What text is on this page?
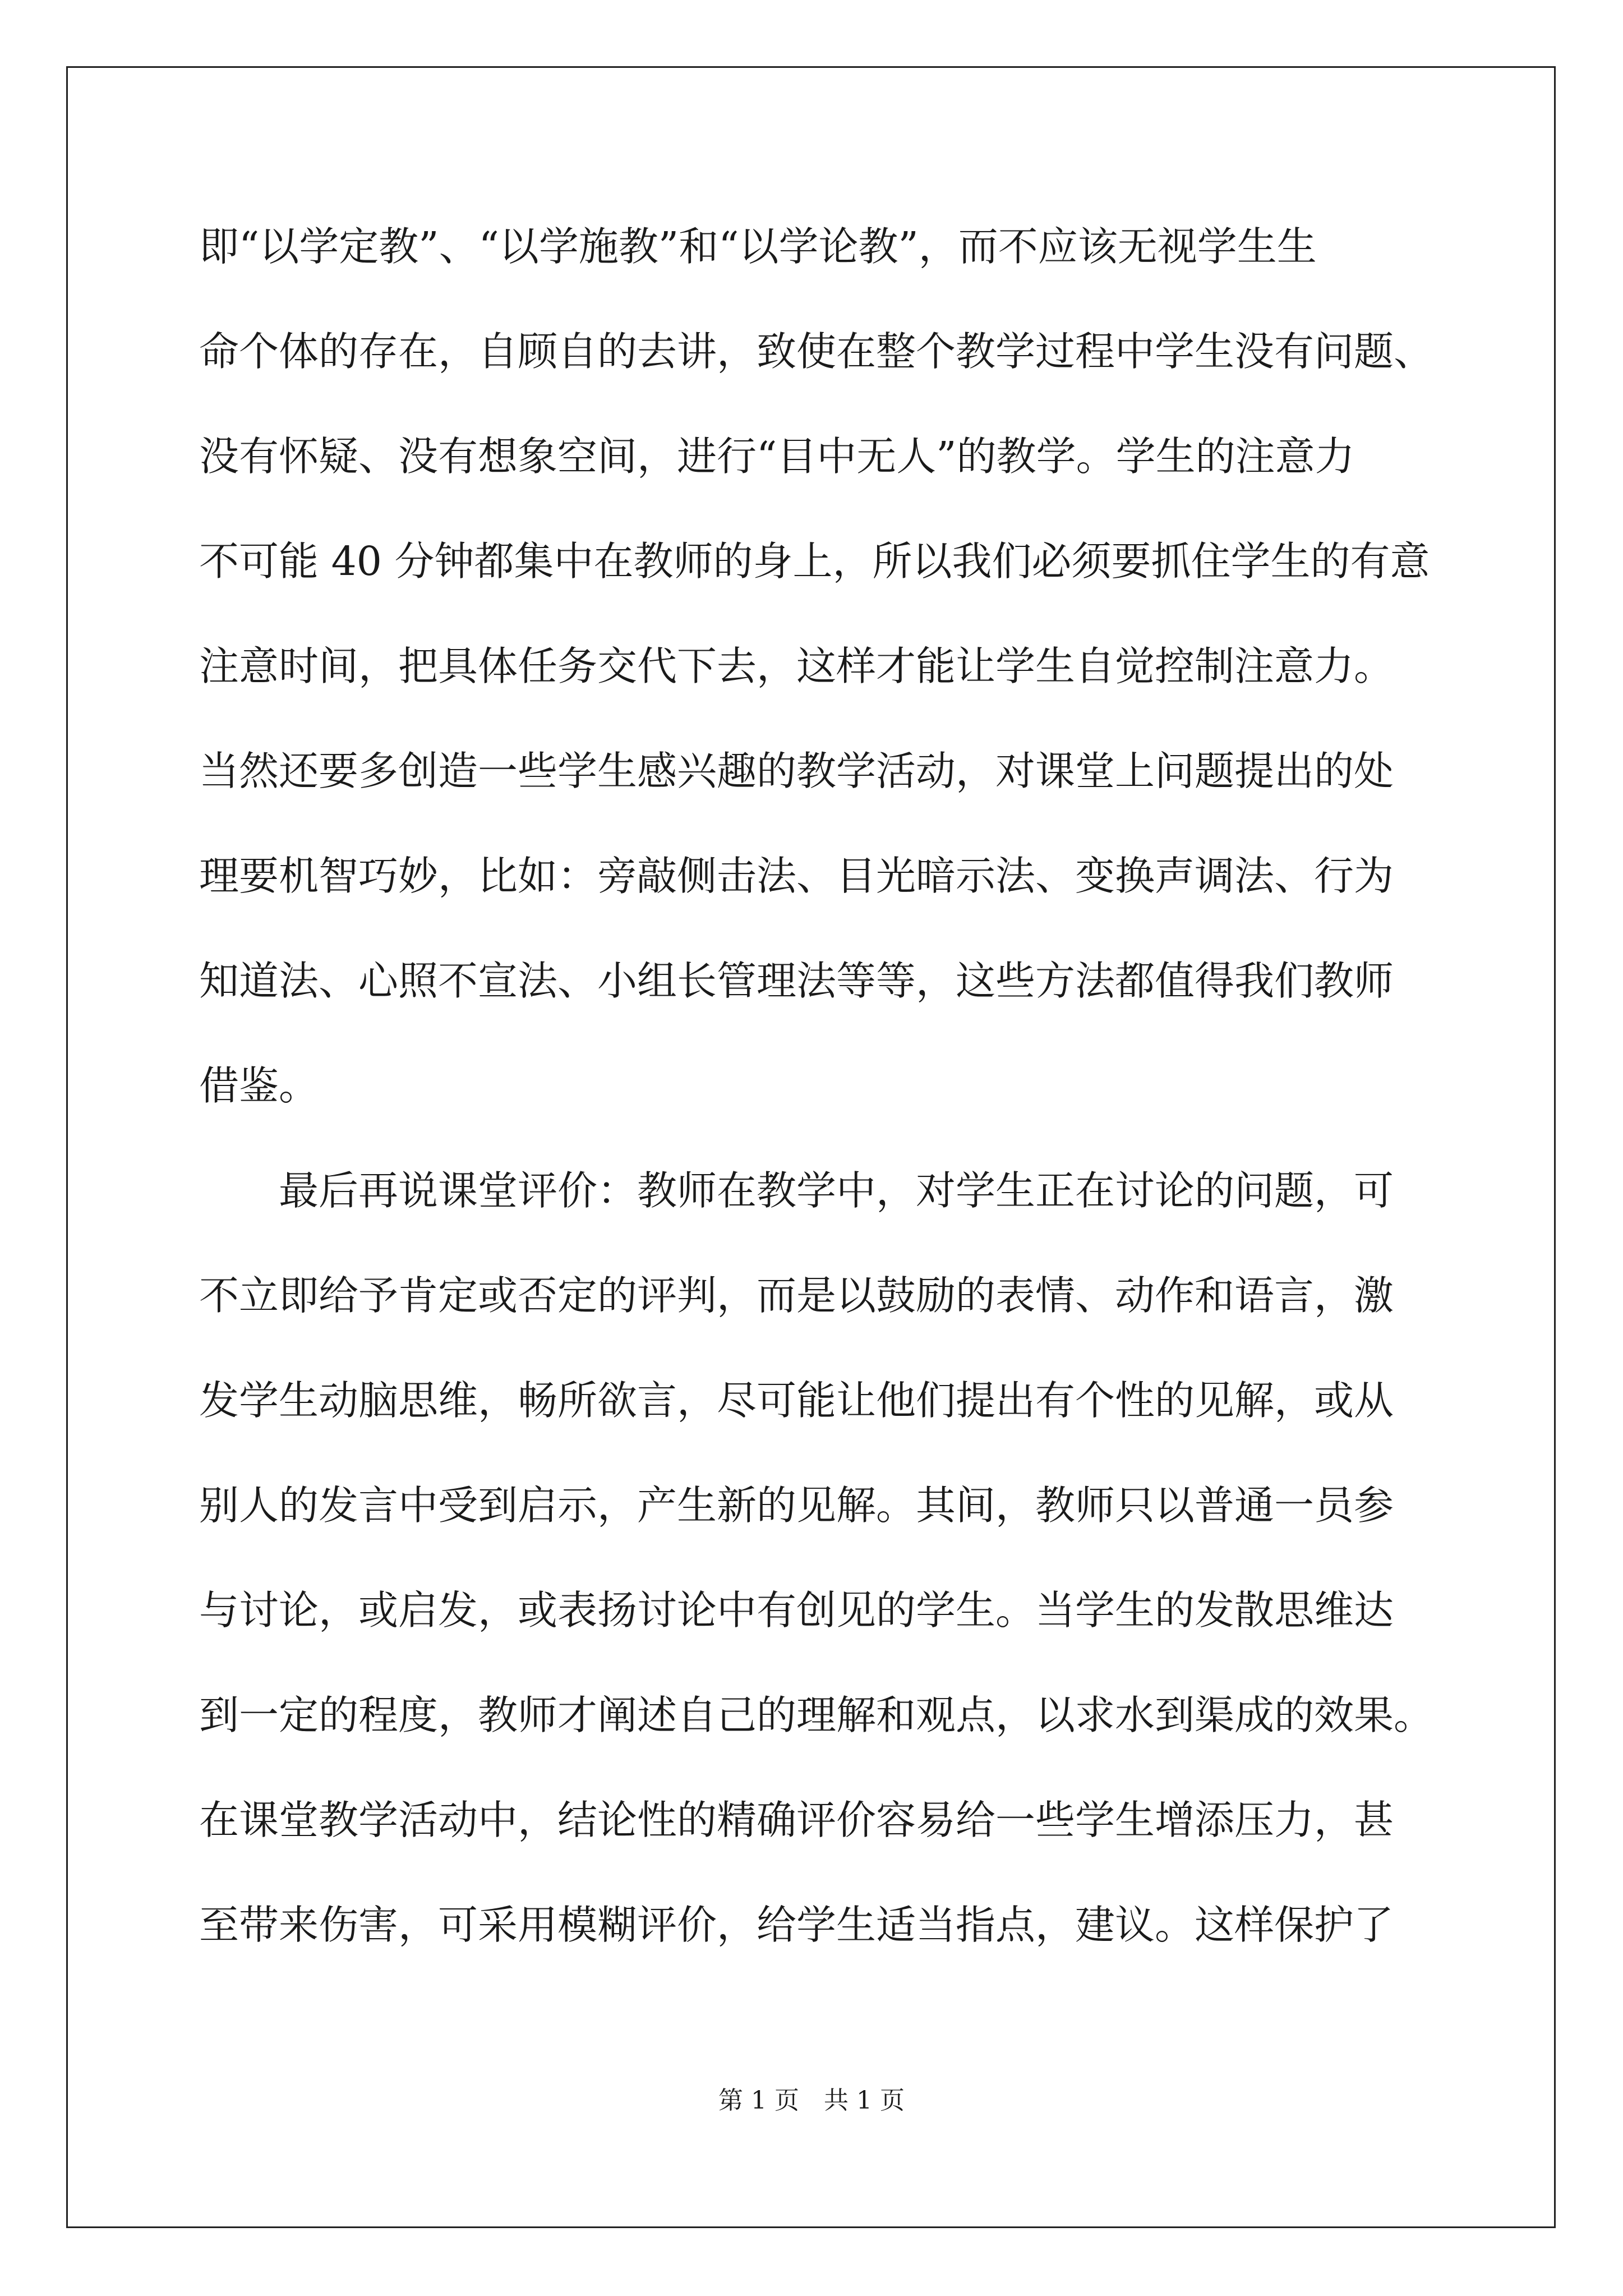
即“以学定教”、“以学施教”和“以学论教”，而不应该无视学生生
命个体的存在，自顾自的去讲，致使在整个教学过程中学生没有问题、
没有怀疑、没有想象空间，进行“目中无人”的教学。学生的注意力
不可能 40 分钟都集中在教师的身上，所以我们必须要抓住学生的有意
注意时间，把具体任务交代下去，这样才能让学生自觉控制注意力。
当然还要多创造一些学生感兴趣的教学活动，对课堂上问题提出的处
理要机智巧妙，比如：旁敲侧击法、目光暗示法、变换声调法、行为
知道法、心照不宣法、小组长管理法等等，这些方法都值得我们教师
借鉴。
最后再说课堂评价：教师在教学中，对学生正在讨论的问题，可
不立即给予肯定或否定的评判，而是以鼓励的表情、动作和语言，激
发学生动脑思维，畅所欲言，尽可能让他们提出有个性的见解，或从
别人的发言中受到启示，产生新的见解。其间，教师只以普通一员参
与讨论，或启发，或表扬讨论中有创见的学生。当学生的发散思维达
到一定的程度，教师才阐述自己的理解和观点，以求水到渠成的效果。
在课堂教学活动中，结论性的精确评价容易给一些学生增添压力，甚
至带来伤害，可采用模糊评价，给学生适当指点，建议。这样保护了
第 1 页　共 1 页
